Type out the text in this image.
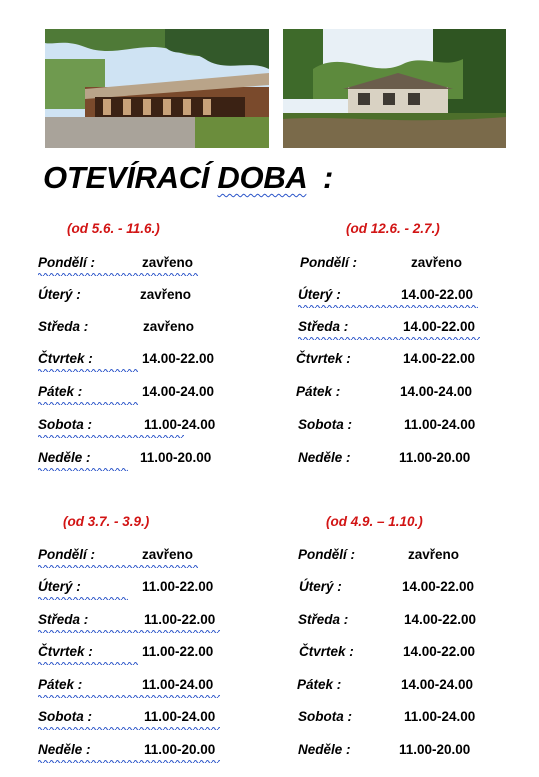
OTEVÍRACÍ DOBA  :
(od 5.6. - 11.6.)
Pondělí :	zavřeno
Úterý :	zavřeno
Středa :	zavřeno
Čtvrtek :	14.00-22.00
Pátek :	14.00-24.00
Sobota :	11.00-24.00
Neděle :	11.00-20.00
(od 12.6. - 2.7.)
Pondělí :	zavřeno
Úterý :	14.00-22.00
Středa :	14.00-22.00
Čtvrtek :	14.00-22.00
Pátek :	14.00-24.00
Sobota :	11.00-24.00
Neděle :	11.00-20.00
(od 3.7. - 3.9.)
Pondělí :	zavřeno
Úterý :	11.00-22.00
Středa :	11.00-22.00
Čtvrtek :	11.00-22.00
Pátek :	11.00-24.00
Sobota :	11.00-24.00
Neděle :	11.00-20.00
(od 4.9. – 1.10.)
Pondělí :	zavřeno
Úterý :	14.00-22.00
Středa :	14.00-22.00
Čtvrtek :	14.00-22.00
Pátek :	14.00-24.00
Sobota :	11.00-24.00
Neděle :	11.00-20.00
